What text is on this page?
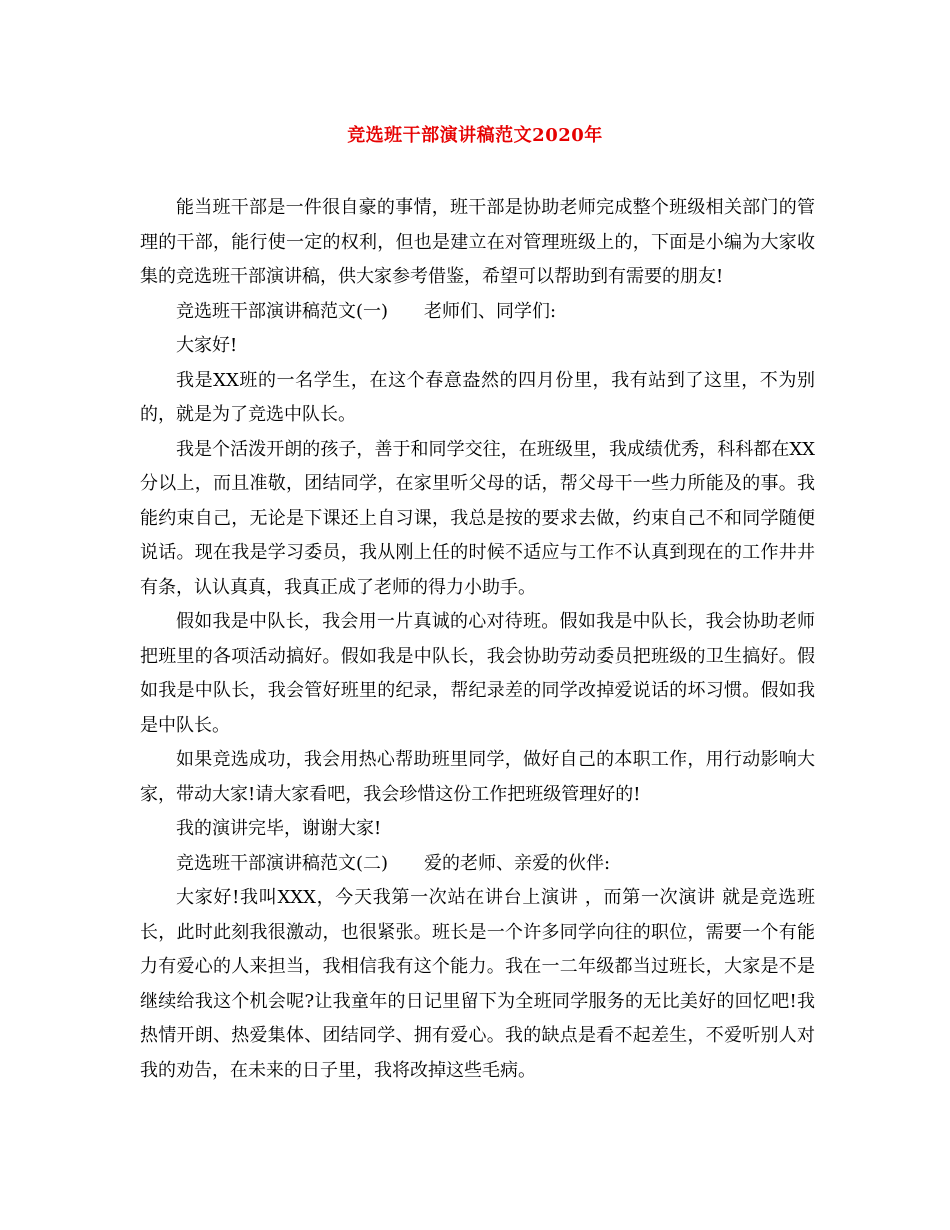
竞选班干部演讲稿范文2020年

能当班干部是一件很自豪的事情，班干部是协助老师完成整个班级相关部门的管理的干部，能行使一定的权利，但也是建立在对管理班级上的，下面是小编为大家收集的竞选班干部演讲稿，供大家参考借鉴，希望可以帮助到有需要的朋友!

竞选班干部演讲稿范文(一)　　老师们、同学们:

大家好!

我是XX班的一名学生，在这个春意盎然的四月份里，我有站到了这里，不为别的，就是为了竞选中队长。

我是个活泼开朗的孩子，善于和同学交往，在班级里，我成绩优秀，科科都在XX分以上，而且准敬，团结同学，在家里听父母的话，帮父母干一些力所能及的事。我能约束自己，无论是下课还上自习课，我总是按的要求去做，约束自己不和同学随便说话。现在我是学习委员，我从刚上任的时候不适应与工作不认真到现在的工作井井有条，认认真真，我真正成了老师的得力小助手。

假如我是中队长，我会用一片真诚的心对待班。假如我是中队长，我会协助老师把班里的各项活动搞好。假如我是中队长，我会协助劳动委员把班级的卫生搞好。假如我是中队长，我会管好班里的纪录，帮纪录差的同学改掉爱说话的坏习惯。假如我是中队长。

如果竞选成功，我会用热心帮助班里同学，做好自己的本职工作，用行动影响大家，带动大家!请大家看吧，我会珍惜这份工作把班级管理好的!

我的演讲完毕，谢谢大家!

竞选班干部演讲稿范文(二)　　爱的老师、亲爱的伙伴:

大家好!我叫XXX，今天我第一次站在讲台上演讲 ，而第一次演讲 就是竞选班长，此时此刻我很激动，也很紧张。班长是一个许多同学向往的职位，需要一个有能力有爱心的人来担当，我相信我有这个能力。我在一二年级都当过班长，大家是不是继续给我这个机会呢?让我童年的日记里留下为全班同学服务的无比美好的回忆吧!我热情开朗、热爱集体、团结同学、拥有爱心。我的缺点是看不起差生，不爱听别人对我的劝告，在未来的日子里，我将改掉这些毛病。
